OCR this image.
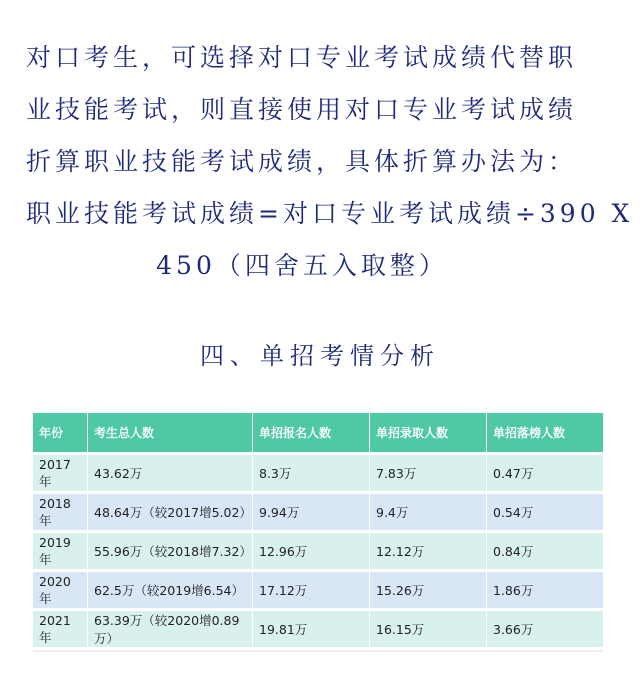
对口考生，可选择对口专业考试成绩代替职
业技能考试，则直接使用对口专业考试成绩
折算职业技能考试成绩，具体折算办法为：
职业技能考试成绩=对口专业考试成绩÷390 X
450（四舍五入取整）
四、单招考情分析
年份	考生总人数	单招报名人数	单招录取人数	单招落榜人数
2017年	43.62万	8.3万	7.83万	0.47万
2018年	48.64万（较2017增5.02）	9.94万	9.4万	0.54万
2019年	55.96万（较2018增7.32）	12.96万	12.12万	0.84万
2020年	62.5万（较2019增6.54）	17.12万	15.26万	1.86万
2021年	63.39万（较2020增0.89万）	19.81万	16.15万	3.66万
